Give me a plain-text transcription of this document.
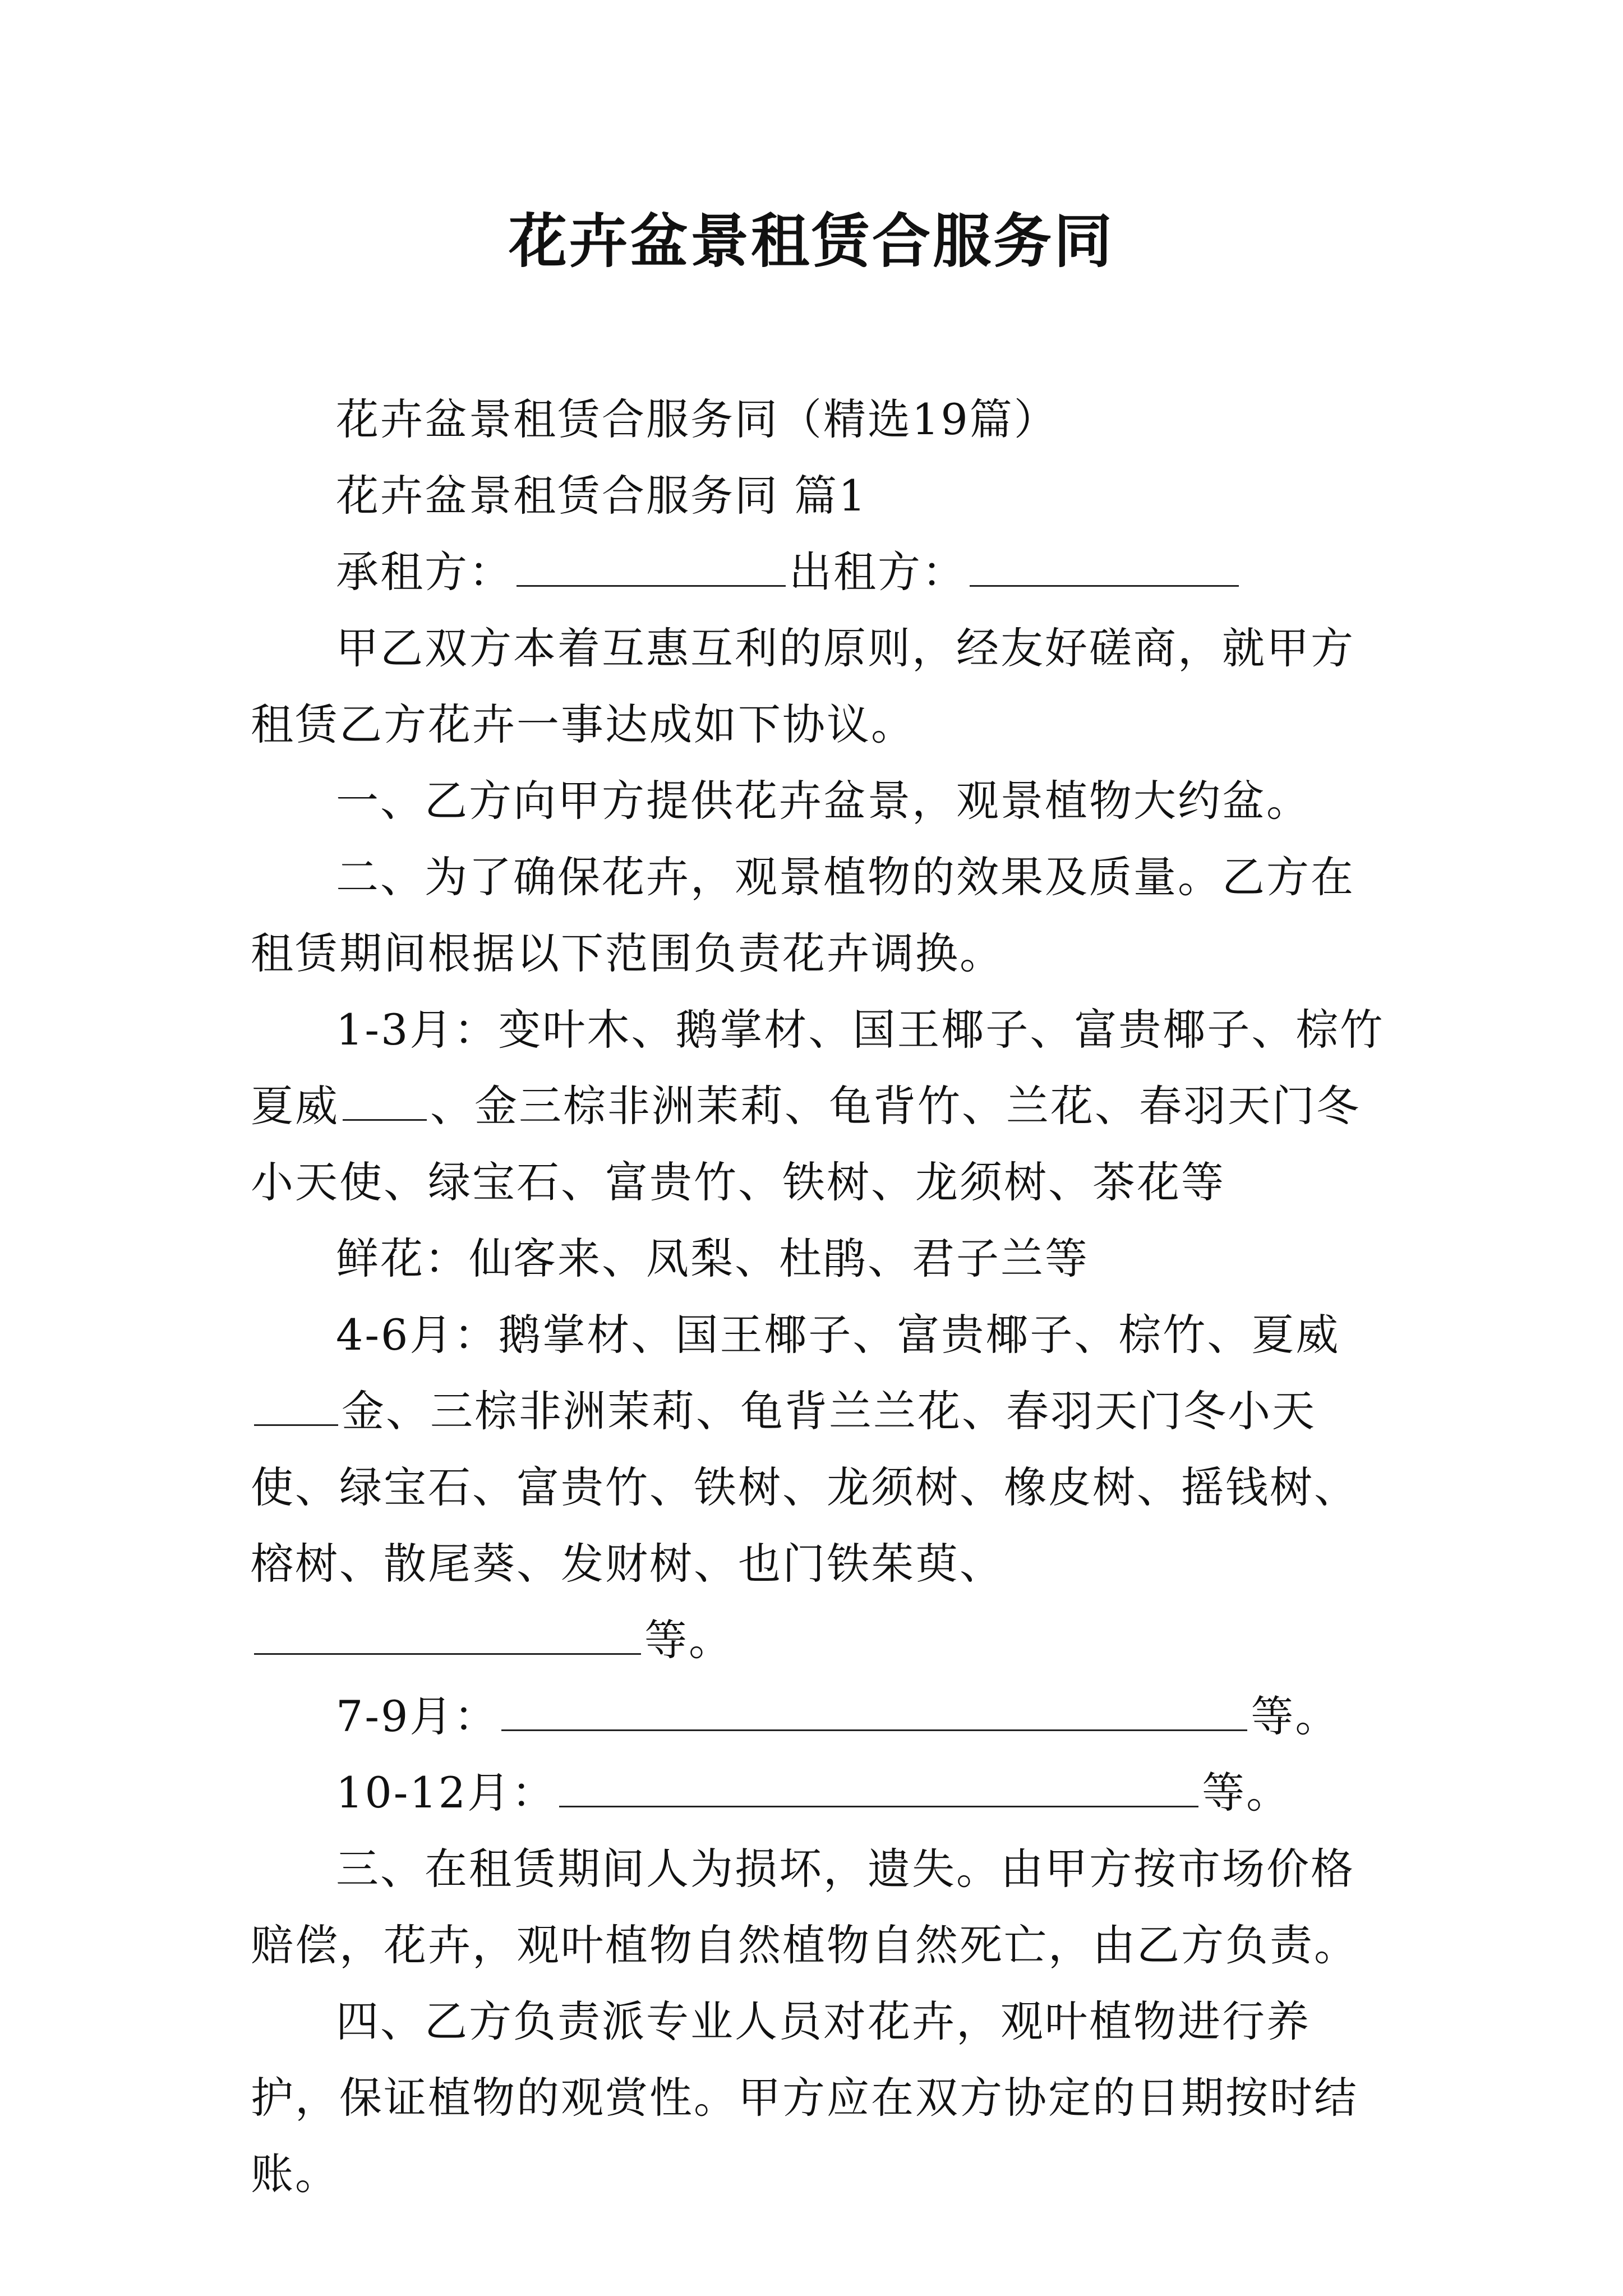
花卉盆景租赁合服务同

花卉盆景租赁合服务同（精选19篇）

花卉盆景租赁合服务同 篇1

承租方：	出租方：

甲乙双方本着互惠互利的原则，经友好磋商，就甲方租赁乙方花卉一事达成如下协议。

一、乙方向甲方提供花卉盆景，观景植物大约盆。

二、为了确保花卉，观景植物的效果及质量。乙方在租赁期间根据以下范围负责花卉调换。

1-3月：变叶木、鹅掌材、国王椰子、富贵椰子、棕竹夏威 、金三棕非洲茉莉、龟背竹、兰花、春羽天门冬小天使、绿宝石、富贵竹、铁树、龙须树、茶花等

鲜花：仙客来、凤梨、杜鹃、君子兰等

4-6月：鹅掌材、国王椰子、富贵椰子、棕竹、夏威金、三棕非洲茉莉、龟背兰兰花、春羽天门冬小天使、绿宝石、富贵竹、铁树、龙须树、橡皮树、摇钱树、榕树、散尾葵、发财树、也门铁茱萸、等。

7-9月：	等。

10-12月：	等。

三、在租赁期间人为损坏，遗失。由甲方按市场价格赔偿，花卉，观叶植物自然植物自然死亡，由乙方负责。

四、乙方负责派专业人员对花卉，观叶植物进行养护，保证植物的观赏性。甲方应在双方协定的日期按时结账。
